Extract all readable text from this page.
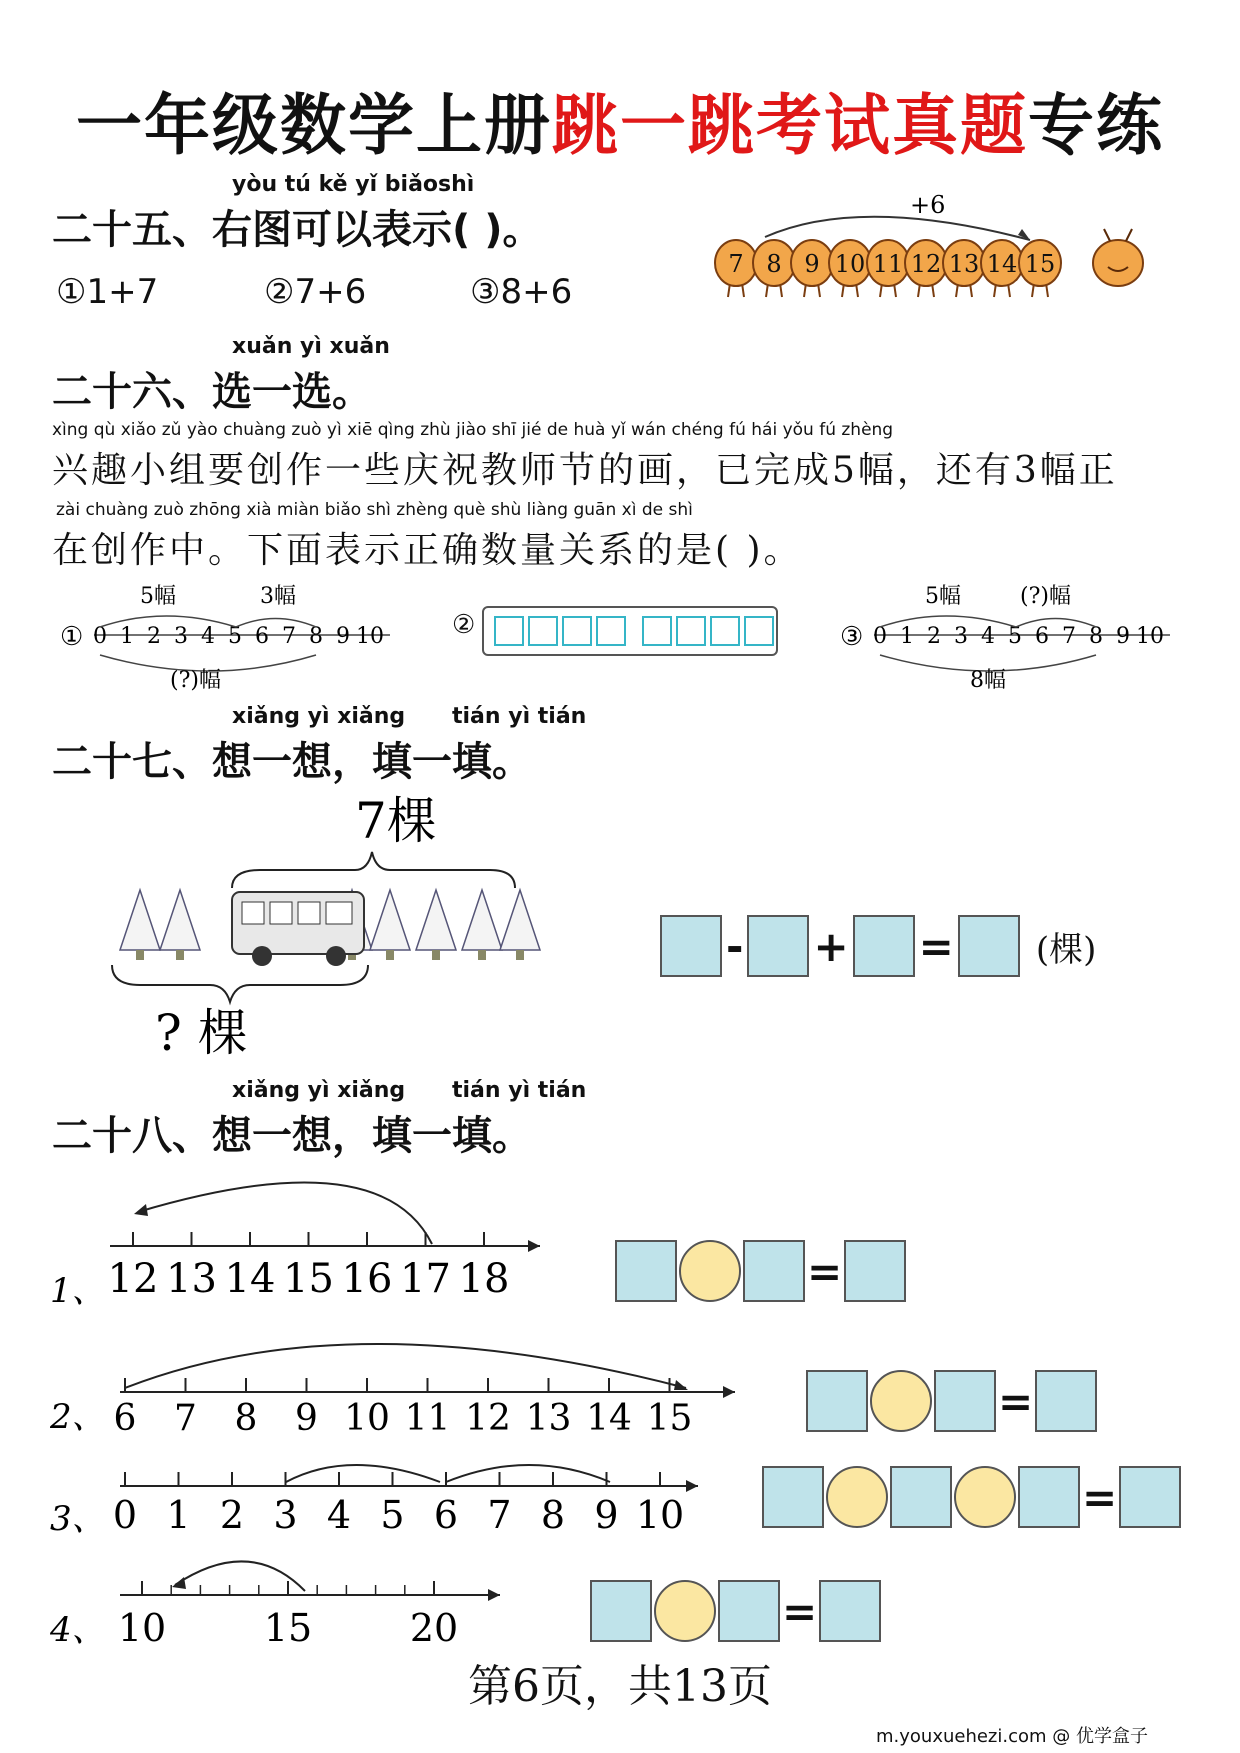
一年级数学上册跳一跳考试真题专练
yòu tú kě yǐ biǎoshì
二十五、右图可以表示( )。
①1+7	②7+6	③8+6
+6
7 8 9 10 11 12 13 14 15
xuǎn yì xuǎn
二十六、选一选。
xìng qù xiǎo zǔ yào chuàng zuò yì xiē qìng zhù jiào shī jié de huà yǐ wán chéng fú hái yǒu fú zhèng
兴趣小组要创作一些庆祝教师节的画，已完成5幅，还有3幅正
zài chuàng zuò zhōng xià miàn biǎo shì zhèng què shù liàng guān xì de shì
在创作中。下面表示正确数量关系的是( )。
① 0 1 2 3 4 5 6 7 8 9 10
5幅	3幅
(?)幅
②	③ 0 1 2 3 4 5 6 7 8 9 10
5幅	(?)幅
8幅
xiǎng yì xiǎng tián yì tián
二十七、想一想，填一填。
7棵
? 棵
- + = (棵)
xiǎng yì xiǎng tián yì tián
二十八、想一想，填一填。
1、 12 13 14 15 16 17 18	=
2、 6 7 8 9 10 11 12 13 14 15	=
3、 0 1 2 3 4 5 6 7 8 9 10	=
4、 10	15	20	=
第6页，共13页
m.youxuehezi.com @ 优学盒子
